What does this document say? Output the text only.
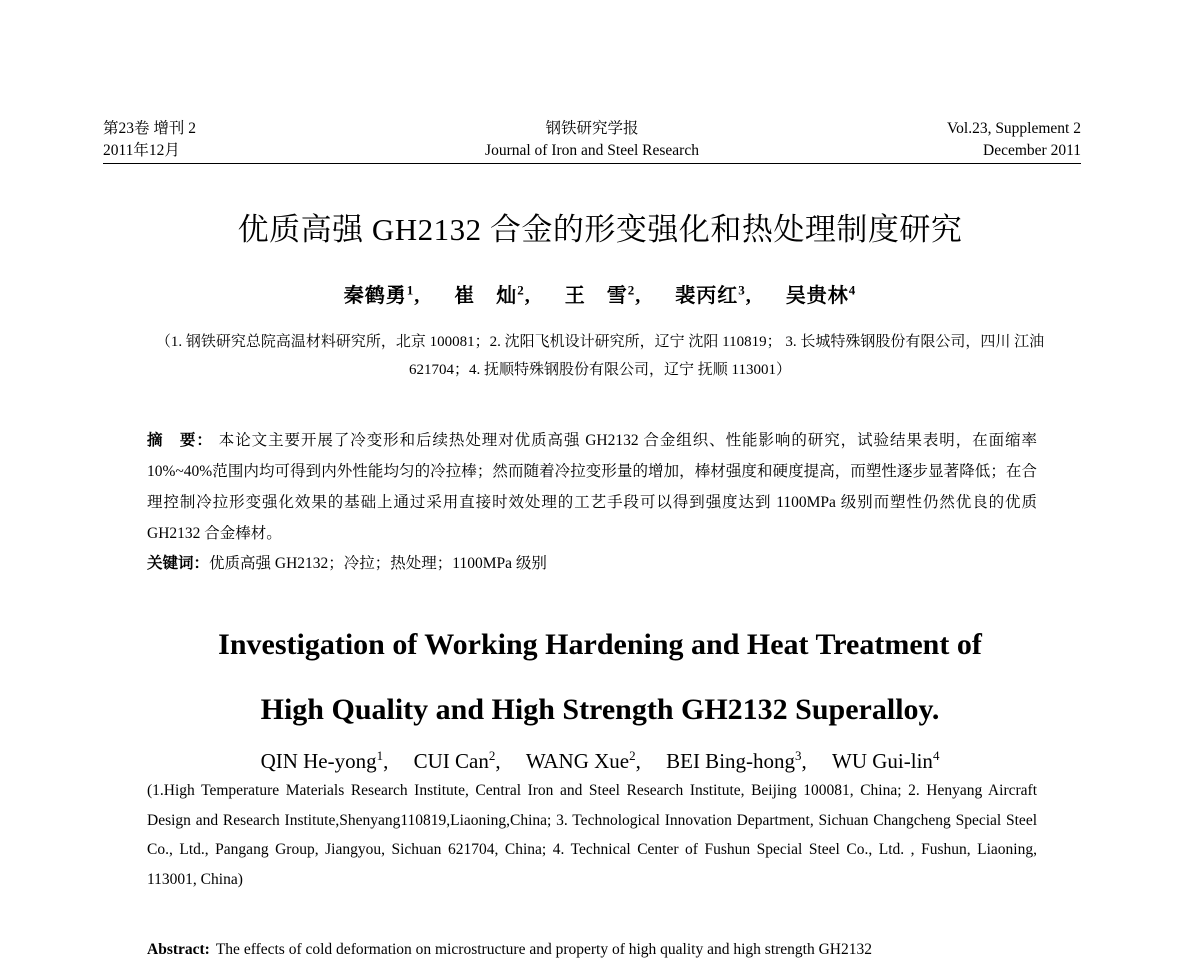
第23卷 增刊 2
2011年12月
钢铁研究学报
Journal of Iron and Steel Research
Vol.23, Supplement 2
December 2011
优质高强 GH2132 合金的形变强化和热处理制度研究
秦鹤勇$^1$, 崔　灿$^2$, 王　雪$^2$, 裴丙红$^3$, 吴贵林$^4$
（1. 钢铁研究总院高温材料研究所，北京 100081；2. 沈阳飞机设计研究所，辽宁 沈阳 110819； 3. 长城特殊钢股份有限公司，四川 江油 621704；4. 抚顺特殊钢股份有限公司，辽宁 抚顺 113001）
摘　要： 本论文主要开展了冷变形和后续热处理对优质高强 GH2132 合金组织、性能影响的研究，试验结果表明，在面缩率 10%~40%范围内均可得到内外性能均匀的冷拉棒；然而随着冷拉变形量的增加，棒材强度和硬度提高，而塑性逐步显著降低；在合理控制冷拉形变强化效果的基础上通过采用直接时效处理的工艺手段可以得到强度达到 1100MPa 级别而塑性仍然优良的优质 GH2132 合金棒材。
关键词：优质高强 GH2132；冷拉；热处理；1100MPa 级别
Investigation of Working Hardening and Heat Treatment of
High Quality and High Strength GH2132 Superalloy.
QIN He-yong$^1$, CUI Can$^2$, WANG Xue$^2$, BEI Bing-hong$^3$, WU Gui-lin$^4$
(1.High Temperature Materials Research Institute, Central Iron and Steel Research Institute, Beijing 100081, China; 2. Henyang Aircraft Design and Research Institute,Shenyang110819,Liaoning,China; 3. Technological Innovation Department, Sichuan Changcheng Special Steel Co., Ltd., Pangang Group, Jiangyou, Sichuan 621704, China; 4. Technical Center of Fushun Special Steel Co., Ltd. , Fushun, Liaoning, 113001, China)
Abstract: The effects of cold deformation on microstructure and property of high quality and high strength GH2132
